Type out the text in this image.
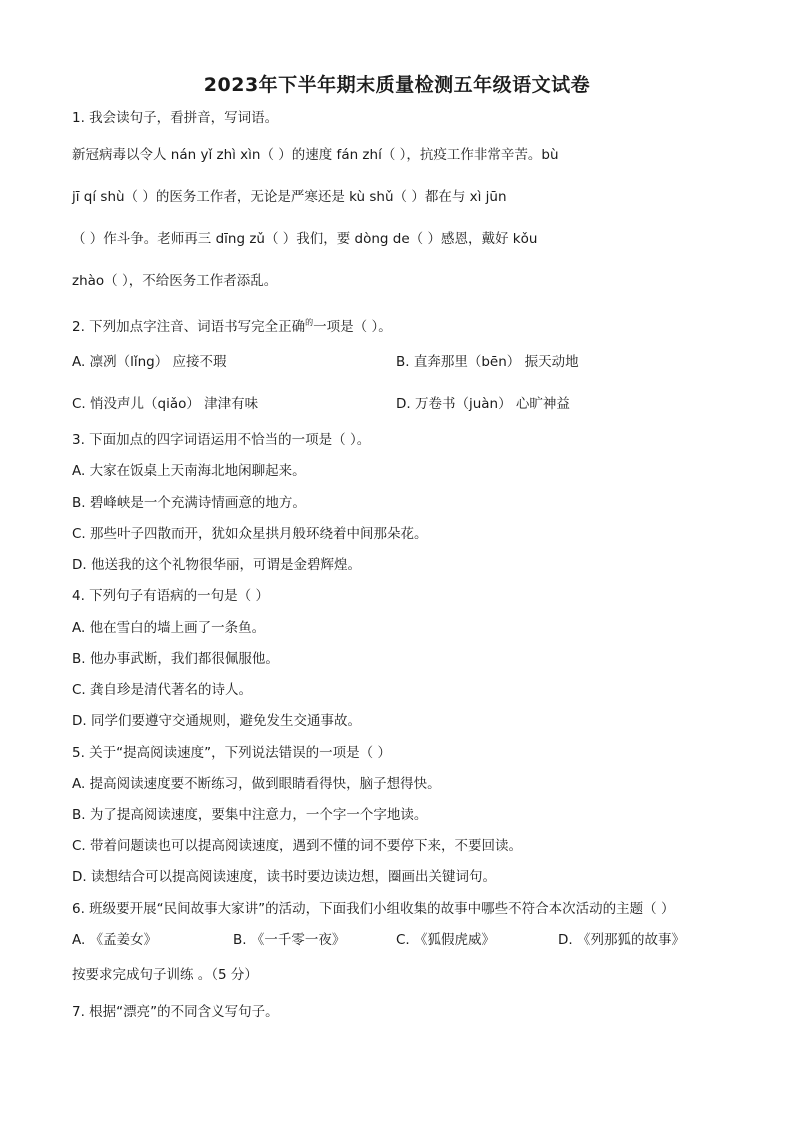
2023年下半年期末质量检测五年级语文试卷
1. 我会读句子，看拼音，写词语。
新冠病毒以令人 nán yǐ zhì xìn（ ）的速度 fán zhí（ ），抗疫工作非常辛苦。bù
jī qí shù（ ）的医务工作者，无论是严寒还是 kù shǔ（ ）都在与 xì jūn
（ ）作斗争。老师再三 dīng zǔ（ ）我们，要 dòng de（ ）感恩，戴好 kǒu
zhào（ ），不给医务工作者添乱。
2. 下列加点字注音、词语书写完全正确$^的$一项是（ ）。
A. 凛冽（lǐng） 应接不瑕	B. 直奔那里（bēn） 振天动地
C. 悄没声儿（qiǎo） 津津有味	D. 万卷书（juàn） 心旷神益
3. 下面加点的四字词语运用不恰当的一项是（ ）。
A. 大家在饭桌上天南海北地闲聊起来。
B. 碧峰峡是一个充满诗情画意的地方。
C. 那些叶子四散而开，犹如众星拱月般环绕着中间那朵花。
D. 他送我的这个礼物很华丽，可谓是金碧辉煌。
4. 下列句子有语病的一句是（ ）
A. 他在雪白的墙上画了一条鱼。
B. 他办事武断，我们都很佩服他。
C. 龚自珍是清代著名的诗人。
D. 同学们要遵守交通规则，避免发生交通事故。
5. 关于“提高阅读速度”，下列说法错误的一项是（ ）
A. 提高阅读速度要不断练习，做到眼睛看得快，脑子想得快。
B. 为了提高阅读速度，要集中注意力，一个字一个字地读。
C. 带着问题读也可以提高阅读速度，遇到不懂的词不要停下来，不要回读。
D. 读想结合可以提高阅读速度，读书时要边读边想，圈画出关键词句。
6. 班级要开展“民间故事大家讲”的活动，下面我们小组收集的故事中哪些不符合本次活动的主题（ ）
A. 《孟姜女》	B. 《一千零一夜》	C. 《狐假虎威》	D. 《列那狐的故事》
按要求完成句子训练 。（5 分）
7. 根据“漂亮”的不同含义写句子。
